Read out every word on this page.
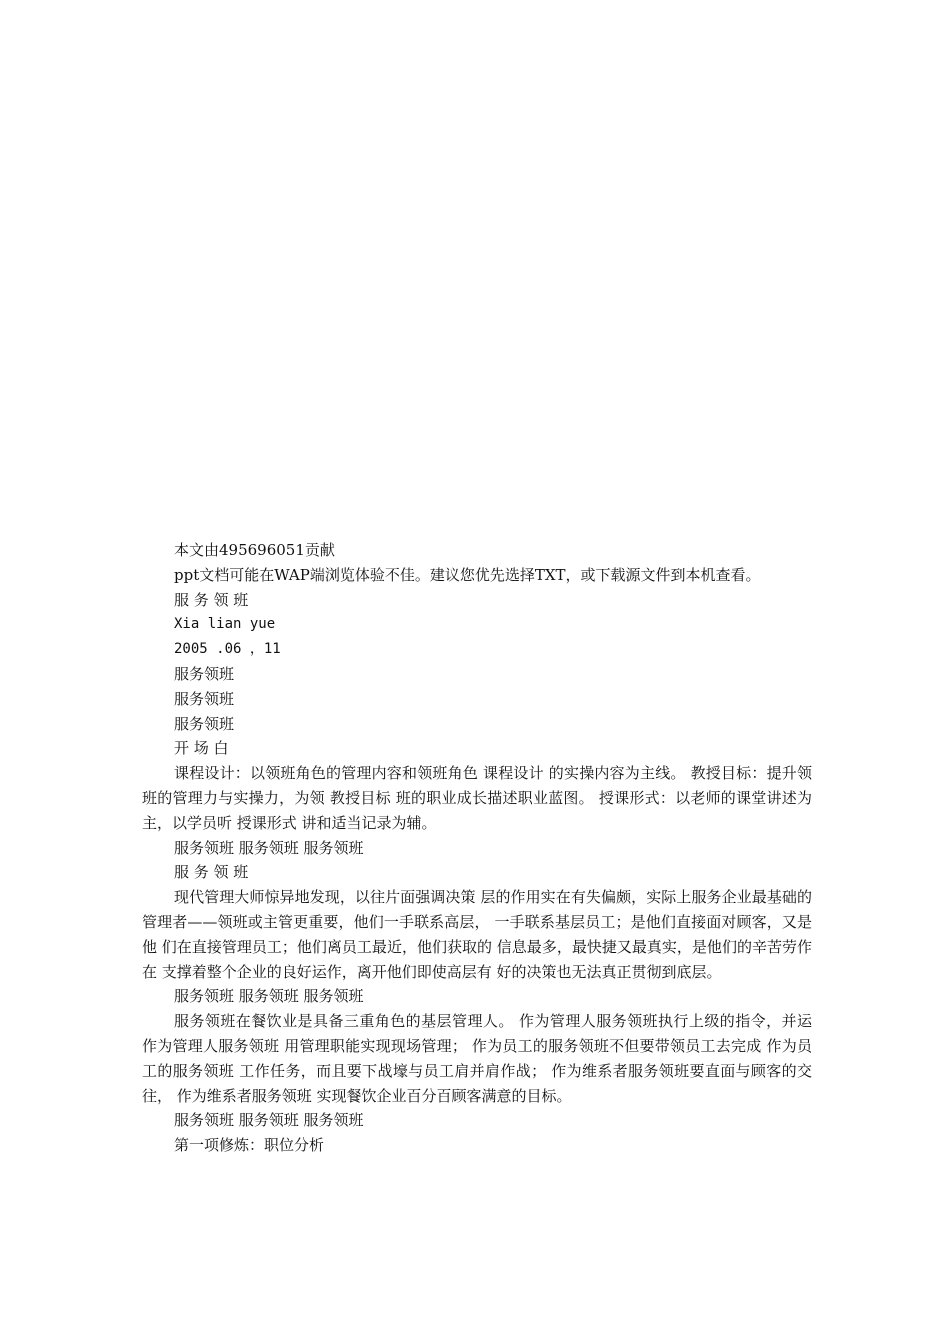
本文由495696051贡献

ppt文档可能在WAP端浏览体验不佳。建议您优先选择TXT，或下载源文件到本机查看。

服 务 领 班

Xia lian yue

2005 .06 ，11

服务领班

服务领班

服务领班

开 场 白

课程设计：以领班角色的管理内容和领班角色 课程设计 的实操内容为主线。 教授目标：提升领班的管理力与实操力，为领 教授目标 班的职业成长描述职业蓝图。 授课形式：以老师的课堂讲述为主，以学员听 授课形式 讲和适当记录为辅。

服务领班 服务领班 服务领班

服 务 领 班

现代管理大师惊异地发现，以往片面强调决策 层的作用实在有失偏颇，实际上服务企业最基础的 管理者——领班或主管更重要，他们一手联系高层， 一手联系基层员工；是他们直接面对顾客，又是他 们在直接管理员工；他们离员工最近，他们获取的 信息最多，最快捷又最真实，是他们的辛苦劳作在 支撑着整个企业的良好运作，离开他们即使高层有 好的决策也无法真正贯彻到底层。

服务领班 服务领班 服务领班

服务领班在餐饮业是具备三重角色的基层管理人。 作为管理人服务领班执行上级的指令，并运 作为管理人服务领班 用管理职能实现现场管理； 作为员工的服务领班不但要带领员工去完成 作为员工的服务领班 工作任务，而且要下战壕与员工肩并肩作战； 作为维系者服务领班要直面与顾客的交往， 作为维系者服务领班 实现餐饮企业百分百顾客满意的目标。

服务领班 服务领班 服务领班

第一项修炼：职位分析
